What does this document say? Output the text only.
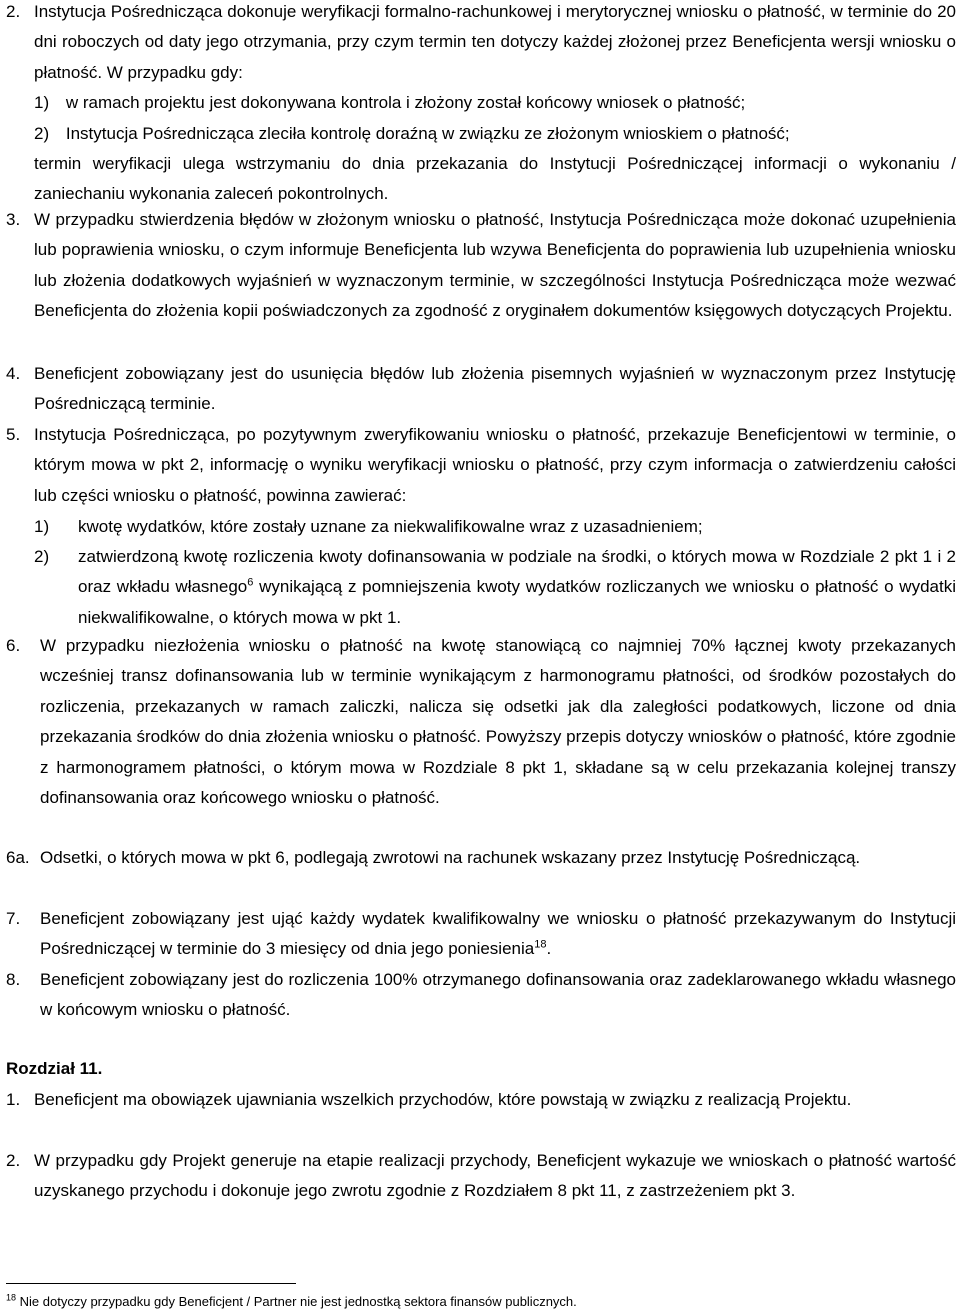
2. Instytucja Pośrednicząca dokonuje weryfikacji formalno-rachunkowej i merytorycznej wniosku o płatność, w terminie do 20 dni roboczych od daty jego otrzymania, przy czym termin ten dotyczy każdej złożonej przez Beneficjenta wersji wniosku o płatność. W przypadku gdy:
1) w ramach projektu jest dokonywana kontrola i złożony został końcowy wniosek o płatność;
2) Instytucja Pośrednicząca zleciła kontrolę doraźną w związku ze złożonym wnioskiem o płatność;
termin weryfikacji ulega wstrzymaniu do dnia przekazania do Instytucji Pośredniczącej informacji o wykonaniu / zaniechaniu wykonania zaleceń pokontrolnych.
3. W przypadku stwierdzenia błędów w złożonym wniosku o płatność, Instytucja Pośrednicząca może dokonać uzupełnienia lub poprawienia wniosku, o czym informuje Beneficjenta lub wzywa Beneficjenta do poprawienia lub uzupełnienia wniosku lub złożenia dodatkowych wyjaśnień w wyznaczonym terminie, w szczególności Instytucja Pośrednicząca może wezwać Beneficjenta do złożenia kopii poświadczonych za zgodność z oryginałem dokumentów księgowych dotyczących Projektu.
4. Beneficjent zobowiązany jest do usunięcia błędów lub złożenia pisemnych wyjaśnień w wyznaczonym przez Instytucję Pośredniczącą terminie.
5. Instytucja Pośrednicząca, po pozytywnym zweryfikowaniu wniosku o płatność, przekazuje Beneficjentowi w terminie, o którym mowa w pkt 2, informację o wyniku weryfikacji wniosku o płatność, przy czym informacja o zatwierdzeniu całości lub części wniosku o płatność, powinna zawierać:
1) kwotę wydatków, które zostały uznane za niekwalifikowalne wraz z uzasadnieniem;
2) zatwierdzoną kwotę rozliczenia kwoty dofinansowania w podziale na środki, o których mowa w Rozdziale 2 pkt 1 i 2 oraz wkładu własnego$^6$ wynikającą z pomniejszenia kwoty wydatków rozliczanych we wniosku o płatność o wydatki niekwalifikowalne, o których mowa w pkt 1.
6. W przypadku niezłożenia wniosku o płatność na kwotę stanowiącą co najmniej 70% łącznej kwoty przekazanych wcześniej transz dofinansowania lub w terminie wynikającym z harmonogramu płatności, od środków pozostałych do rozliczenia, przekazanych w ramach zaliczki, nalicza się odsetki jak dla zaległości podatkowych, liczone od dnia przekazania środków do dnia złożenia wniosku o płatność. Powyższy przepis dotyczy wniosków o płatność, które zgodnie z harmonogramem płatności, o którym mowa w Rozdziale 8 pkt 1, składane są w celu przekazania kolejnej transzy dofinansowania oraz końcowego wniosku o płatność.
6a. Odsetki, o których mowa w pkt 6, podlegają zwrotowi na rachunek wskazany przez Instytucję Pośredniczącą.
7. Beneficjent zobowiązany jest ująć każdy wydatek kwalifikowalny we wniosku o płatność przekazywanym do Instytucji Pośredniczącej w terminie do 3 miesięcy od dnia jego poniesienia$^{18}$.
8. Beneficjent zobowiązany jest do rozliczenia 100% otrzymanego dofinansowania oraz zadeklarowanego wkładu własnego w końcowym wniosku o płatność.
Rozdział 11.
1. Beneficjent ma obowiązek ujawniania wszelkich przychodów, które powstają w związku z realizacją Projektu.
2. W przypadku gdy Projekt generuje na etapie realizacji przychody, Beneficjent wykazuje we wnioskach o płatność wartość uzyskanego przychodu i dokonuje jego zwrotu zgodnie z Rozdziałem 8 pkt 11, z zastrzeżeniem pkt 3.
$^{18}$ Nie dotyczy przypadku gdy Beneficjent / Partner nie jest jednostką sektora finansów publicznych.
